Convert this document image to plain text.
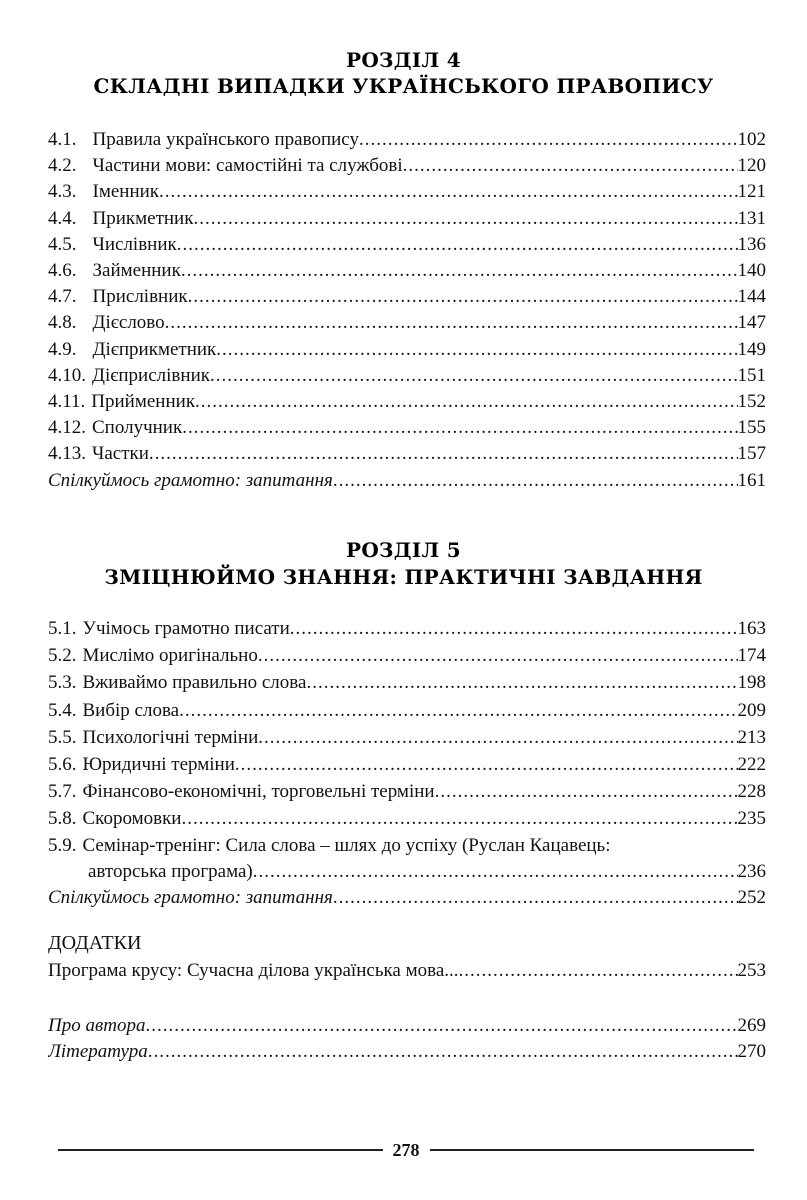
РОЗДІЛ 4
СКЛАДНІ ВИПАДКИ УКРАЇНСЬКОГО ПРАВОПИСУ
4.1. Правила українського правопису .....	102
4.2. Частини мови: самостійні та службові .....	120
4.3. Іменник .....	121
4.4. Прикметник .....	131
4.5. Числівник .....	136
4.6. Займенник .....	140
4.7. Прислівник .....	144
4.8. Дієслово .....	147
4.9. Дієприкметник .....	149
4.10. Дієприслівник .....	151
4.11. Прийменник .....	152
4.12. Сполучник .....	155
4.13. Частки .....	157
Спілкуймось грамотно: запитання .....	161
РОЗДІЛ 5
ЗМІЦНЮЙМО ЗНАННЯ: ПРАКТИЧНІ ЗАВДАННЯ
5.1. Учімось грамотно писати .....	163
5.2. Мислімо оригінально .....	174
5.3. Вживаймо правильно слова .....	198
5.4. Вибір слова .....	209
5.5. Психологічні терміни .....	213
5.6. Юридичні терміни .....	222
5.7. Фінансово-економічні, торговельні терміни .....	228
5.8. Скоромовки .....	235
5.9. Семінар-тренінг: Сила слова – шлях до успіху (Руслан Кацавець:
авторська програма) .....	236
Спілкуймось грамотно: запитання .....	252
ДОДАТКИ
Програма крусу: Сучасна ділова українська мова... .....	253
Про автора .....	269
Література .....	270
278
